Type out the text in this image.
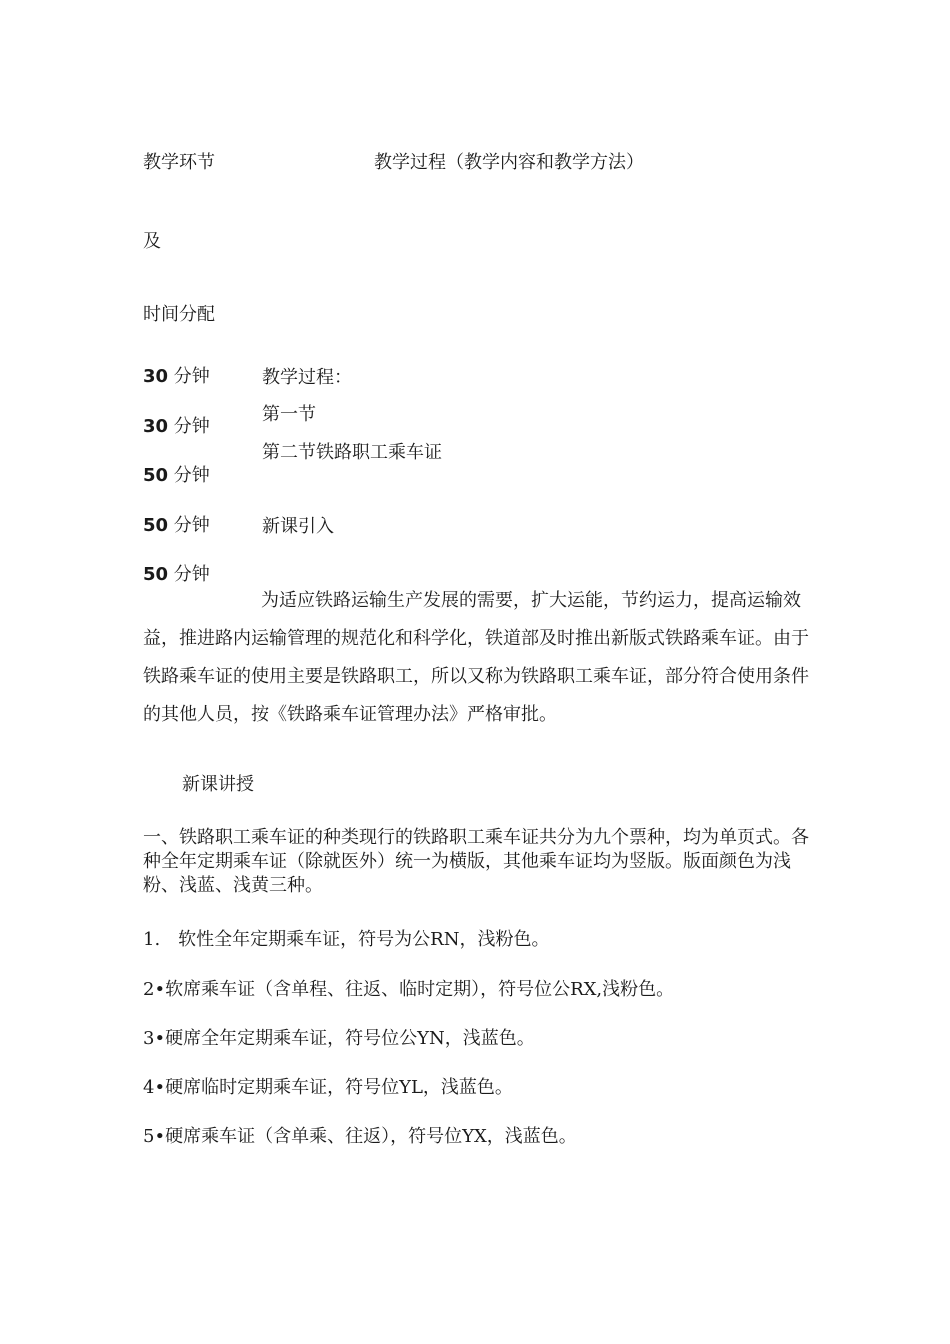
教学环节	教学过程（教学内容和教学方法）
及
时间分配
30 分钟
30 分钟
50 分钟
50 分钟
50 分钟
教学过程：
第一节
第二节铁路职工乘车证
新课引入
为适应铁路运输生产发展的需要，扩大运能，节约运力，提高运输效益，推进路内运输管理的规范化和科学化，铁道部及时推出新版式铁路乘车证。由于铁路乘车证的使用主要是铁路职工，所以又称为铁路职工乘车证，部分符合使用条件的其他人员，按《铁路乘车证管理办法》严格审批。
新课讲授
一、铁路职工乘车证的种类现行的铁路职工乘车证共分为九个票种，均为单页式。各种全年定期乘车证（除就医外）统一为横版，其他乘车证均为竖版。版面颜色为浅粉、浅蓝、浅黄三种。
1.　软性全年定期乘车证，符号为公RN，浅粉色。
2•软席乘车证（含单程、往返、临时定期），符号位公RX,浅粉色。
3•硬席全年定期乘车证，符号位公YN，浅蓝色。
4•硬席临时定期乘车证，符号位YL，浅蓝色。
5•硬席乘车证（含单乘、往返），符号位YX，浅蓝色。
